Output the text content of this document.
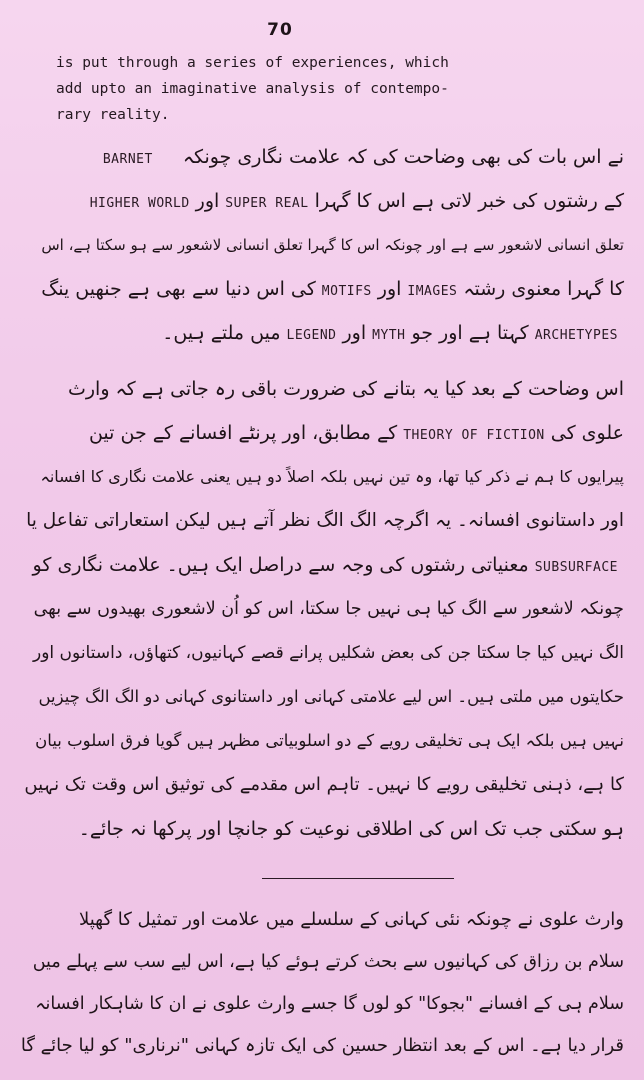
70
is put through a series of experiences, which
add upto an imaginative analysis of contempo-
rary reality.
نے اس بات کی بھی وضاحت کی کہ علامت نگاری چونکہBARNET
کے رشتوں کی خبر لاتی ہے اس کا گہراSUPER REALاورHIGHER WORLD
تعلق انسانی لاشعور سے ہے اور چونکہ اس کا گہرا تعلق انسانی لاشعور سے ہو سکتا ہے، اس
کا گہرا معنوی رشتہIMAGESاورMOTIFSکی اس دنیا سے بھی ہے جنھیں ینگ
ARCHETYPESکہتا ہے اور جوMYTHاورLEGENDمیں ملتے ہیں۔
اس وضاحت کے بعد کیا یہ بتانے کی ضرورت باقی رہ جاتی ہے کہ وارث
علوی کیTHEORY OF FICTIONکے مطابق، اور پرنٹے افسانے کے جن تین
پیرایوں کا ہم نے ذکر کیا تھا، وہ تین نہیں بلکہ اصلاً دو ہیں یعنی علامت نگاری کا افسانہ
اور داستانوی افسانہ۔ یہ اگرچہ الگ الگ نظر آتے ہیں لیکن استعاراتی تفاعل یا
SUBSURFACEمعنیاتی رشتوں کی وجہ سے دراصل ایک ہیں۔ علامت نگاری کو
چونکہ لاشعور سے الگ کیا ہی نہیں جا سکتا، اس کو اُن لاشعوری بھیدوں سے بھی
الگ نہیں کیا جا سکتا جن کی بعض شکلیں پرانے قصے کہانیوں، کتھاؤں، داستانوں اور
حکایتوں میں ملتی ہیں۔ اس لیے علامتی کہانی اور داستانوی کہانی دو الگ الگ چیزیں
نہیں ہیں بلکہ ایک ہی تخلیقی رویے کے دو اسلوبیاتی مظہر ہیں گویا فرق اسلوب بیان
کا ہے، ذہنی تخلیقی رویے کا نہیں۔ تاہم اس مقدمے کی توثیق اس وقت تک نہیں
ہو سکتی جب تک اس کی اطلاقی نوعیت کو جانچا اور پرکھا نہ جائے۔
وارث علوی نے چونکہ نئی کہانی کے سلسلے میں علامت اور تمثیل کا گھپلا
سلام بن رزاق کی کہانیوں سے بحث کرتے ہوئے کیا ہے، اس لیے سب سے پہلے میں
سلام ہی کے افسانے "بجوکا" کو لوں گا جسے وارث علوی نے ان کا شاہکار افسانہ
قرار دیا ہے۔ اس کے بعد انتظار حسین کی ایک تازہ کہانی "نرناری" کو لیا جائے گا
